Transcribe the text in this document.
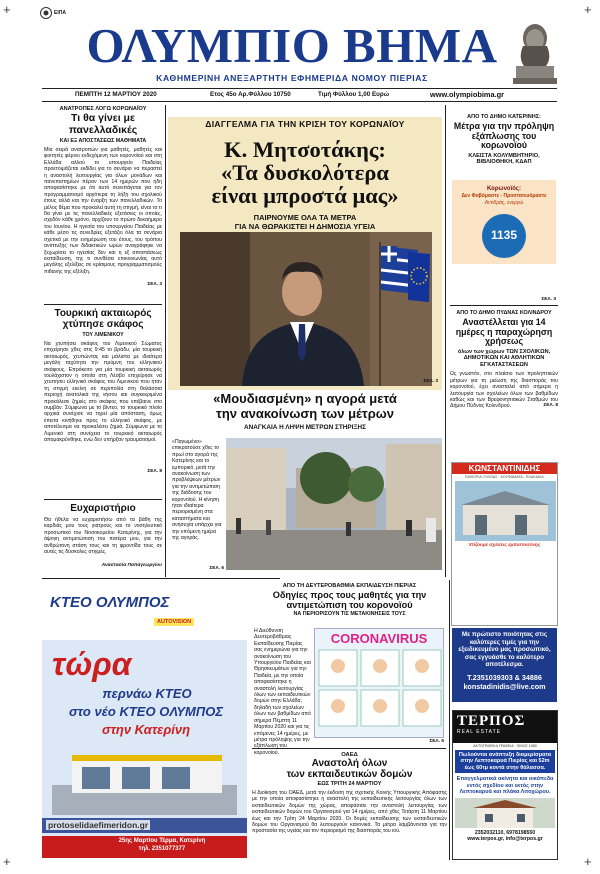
+	+
+	+
ΕΙΠΑ
ΟΛΥΜΠΙΟ ΒΗΜΑ
ΚΑΘΗΜΕΡΙΝΗ ΑΝΕΞΑΡΤΗΤΗ ΕΦΗΜΕΡΙΔΑ ΝΟΜΟΥ ΠΙΕΡΙΑΣ
ΠΕΜΠΤΗ 12 ΜΑΡΤΙΟΥ 2020	Ετος 45ο Αρ.Φύλλου 10750	Τιμή Φύλλου 1,00 Ευρώ	www.olympiobima.gr
ΑΝΑΤΡΟΠΕΣ ΛΟΓΩ ΚΟΡΩΝΑΪΟΥ
Τι θα γίνει με πανελλαδικές
ΚΑΙ ΕΞ ΑΠΟΣΤΑΣΕΩΣ ΜΑΘΗΜΑΤΑ
Μία σειρά ανατροπών για μαθητές, μαθητές και φοιτητές φέρνει ενδεχόμενη των κορονοϊού και στη Ελλάδα αλλού το υπουργείο Παιδείας προετοιμάζεται εκδίδει για το σενάριο να περαστεί η αναστολή λειτουργίας για όλων μονάδων και πανεπιστημίων πέραν των 14 ημερών που ήδη αποφασίστηκε με ότι αυτό συνεπάγεται για τον προγραμματισμό αργότερα τη λήξη του σχολικού έτους αλλά και την έναρξη των πανελλαδικών. Το μέλος θέμα που προκαλεί αυτή τη στιγμή, είναι το τι θα γίνει με τις πανελλαδικές εξετάσεις οι οποίες, σχεδόν κάθε χρόνο, αρχίζουν το πρώτο δεκαήμερο του Ιουνίου. Η ηγεσία του υπουργείου Παιδείας με κάθε μέσο τις συνεδρίες εξετάζει όλα τα σενάρια σχετικά με την ενημέρωση του έτους, του τρόπου ανιπτυξης των διδακτικών ωρών αναγράφηκε να ξεχωρίσει το ηγεσίας δεν και η εξ αποστάσεως εκπαίδευση, της τι συνθέσει επικοινωνίας αυτό μεγάλης εξελίξεις σε κρίσιμους προγραμματισμούς πιθανής της εξέλιξη.
ΣΕΛ. 3
Τουρκική ακταιωρός χτύπησε σκάφος
ΤΟΥ ΛΙΜΕΝΙΚΟΥ
Να χτυπήσει σκάφος του Λιμενικού Σώματος επιχείρησε χθες στις 9:45 το βράδυ, μία τουρκική ακταιωρός, χτυπώντας και μάλιστα με ιδιαίτερα μεγάλη ταχύτητα την πρύμνη του ελληνικού σκάφους. Επρόκειτο για μία τουρκική ακταιωρός τουλάχιστον η οποία στη Λέσβο επιχείρησε να χτυπήσει ελληνικό σκάφος του Λιμενικού που ήταν τη στιγμή εκείνη σε περιπολία στη θαλάσσια περιοχή ανατολικά της νήσου και συγκεκριμένα προκάλεσε ζημιές στο σκάφος που επέβαινε στο συμβάν. Σύμφωνα με το βίντεο, το τουρκικό πλοίο αρχικά συνέχισε να τηρεί μία απόσταση, όμως έπειτα κινήθηκε προς το ελληνικό σκάφος, με αποτέλεσμα να προκαλέσει ζημιά. Σύμφωνα με το Λιμενικό στη συνέχεια το τουρκικό ακταιωρός απομακρύνθηκε, ενώ δεν υπήρξαν τραυματισμοί.
ΣΕΛ. 8
Ευχαριστήριο
Θα ήθελα να ευχαριστήσω από τα βάθη της καρδιάς μου τους γιατρούς και το νοσηλευτικό προσωπικό του Νοσοκομείου Κατερίνης, για την άψογη αντιμετώπιση του πατέρα μου, για την ανθρώπινη στάση τους και τη φροντίδα τους σε αυτές τις δύσκολες στιγμές.
Αναστασία Παπαγεωργίου
ΔΙΑΓΓΕΛΜΑ ΓΙΑ ΤΗΝ ΚΡΙΣΗ ΤΟΥ ΚΟΡΩΝΑΪΟΥ
Κ. Μητσοτάκης:
«Τα δυσκολότερα
είναι μπροστά μας»
ΠΑΙΡΝΟΥΜΕ ΟΛΑ ΤΑ ΜΕΤΡΑ
ΓΙΑ ΝΑ ΘΩΡΑΚΙΣΤΕΙ Η ΔΗΜΟΣΙΑ ΥΓΕΙΑ
ΣΕΛ. 3
«Μουδιασμένη» η αγορά μετά
την ανακοίνωση των μέτρων
ΑΝΑΓΚΑΙΑ Η ΛΗΨΗ ΜΕΤΡΩΝ ΣΤΗΡΙΞΗΣ
«Παγωμένο» επικρατούσε χθες το πρωί στο αγορά της Κατερίνης και το εμπορικό, μετά την ανακοίνωση των προβλέψεων μέτρων για την αντιμετώπιση της διάδοσης του κορονοϊού. Η κίνηση ήταν ιδιαίτερα περιορισμένη στα καταστήματα και ανησυχία υπάρχει για την επόμενη ημέρα της αγοράς.
ΣΕΛ. 6
ΑΠΟ ΤΟ ΔΗΜΟ ΚΑΤΕΡΙΝΗΣ:
Μέτρα για την πρόληψη εξάπλωσης του κορωνοϊού
ΚΛΕΙΣΤΑ ΚΟΛΥΜΒΗΤΗΡΙΟ, ΒΙΒΛΙΟΘΗΚΗ, ΚΔΑΠ
Κορωνοϊός:
Δεν Φοβόμαστε - Προστατευόμαστε
Αντιδράς, ενεργώ
1135
ΣΕΛ. 3
ΑΠΟ ΤΟ ΔΗΜΟ ΠΥΔΝΑΣ ΚΟΛΙΝΔΡΟΥ
Αναστέλλεται για 14 ημέρες η παραχώρηση χρήσεως
όλων των χώρων ΤΩΝ ΣΧΟΛΙΚΩΝ, ΔΗΜΟΤΙΚΩΝ ΚΑΙ ΑΘΛΗΤΙΚΩΝ ΕΓΚΑΤΑΣΤΑΣΕΩΝ
Ως γνωστόν, στο πλαίσιο των προληπτικών μέτρων για τη μείωση της διασποράς του κορονοϊού, έχει ανασταλεί από σήμερα η λειτουργία των σχολείων όλων των βαθμίδων καθώς και των Βρεφονηπιακών Σταθμών του Δήμου Πύδνας Κολινδρού.	ΣΕΛ. 8
ΚΩΝΣΤΑΝΤΙΝΙΔΗΣ
ΕΜΠΟΡΙΑ ΞΥΛΕΙΑΣ - ΚΟΥΦΩΜΑΤΑ - ΠΛΑΚΑΚΙΑ
Χτίζουμε σχέσεις εμπιστοσύνης
Με πρώτιστο ποιότητας στις καλύτερες τιμές για την εξειδικευμένο μας προσωπικό, σας εγγυάσθε το καλύτερο αποτέλεσμα.
T.2351039303 & 34886
konstadinidis@live.com
ΤΕΡΠΟΣ
REAL ESTATE
ΑΚΤΟΓΡΑΦΙΚΑ ΓΡΑΦΕΙΑ · SINCE 1980
Πωλούνται ανάπτυξη διαμερίσματα στην Λεπτοκαρυά Πιερίας και 52m έως 60τμ κοντά στην θάλασσα.
Επαγγελματικά ακίνητα και οικόπεδα εντός σχεδίου και εκτός στην Λεπτοκαρυά και πλάκα Λιτοχώρου.
2352032110, 6978198550
www.terpos.gr, info@terpos.gr
ΚΤΕΟ ΟΛΥΜΠΟΣ
AUTOVISION
τώρα
περνάω ΚΤΕΟ
στο νέο ΚΤΕΟ ΟΛΥΜΠΟΣ
στην Κατερίνη
protoselidaefimeridon.gr
25ης Μαρτίου Τέρμα, Κατερίνη
τηλ. 2351077377
ΑΠΟ ΤΗ ΔΕΥΤΕΡΟΒΑΘΜΙΑ ΕΚΠΑΙΔΕΥΣΗ ΠΙΕΡΙΑΣ
Οδηγίες προς τους μαθητές για την
αντιμετώπιση του κορονοϊού
ΝΑ ΠΕΡΙΟΡΙΣΟΥΝ ΤΙΣ ΜΕΤΑΚΙΝΗΣΕΙΣ ΤΟΥΣ
Η Διεύθυνση Δευτεροβάθμιας Εκπαίδευσης Πιερίας σας ενημερώνει για την ανακοίνωση του Υπουργείου Παιδείας και Θρησκευμάτων για την Παιδεία, με την οποία αποφασίστηκε η αναστολή λειτουργίας όλων των εκπαιδευτικών δομών στην Ελλάδα, δηλαδή των σχολείων όλων των βαθμίδων από σήμερα Πέμπτη 11 Μαρτίου 2020 και για τις επόμενες 14 ημέρες, με μέτρα πρόληψης για την εξάπλωση του κορονοϊού.
CORONAVIRUS
ΣΕΛ. 6
ΟΑΕΔ
Αναστολή όλων
των εκπαιδευτικών δομών
ΕΩΣ ΤΡΙΤΗ 24 ΜΑΡΤΙΟΥ
Η Διοίκηση του ΟΑΕΔ, μετά την έκδοση της σχετικής Κοινής Υπουργικής Απόφασης με την οποία αποφασίστηκε η αναστολή της εκπαιδευτικής λειτουργίας όλων των εκπαιδευτικών δομών της χώρας, αποφάσισε την αναστολή λειτουργίας των εκπαιδευτικών δομών του Οργανισμού για 14 ημέρες, από χθες Τετάρτη 11 Μαρτίου έως και την Τρίτη 24 Μαρτίου 2020. Οι δομές εκπαίδευσης των εκπαιδευτικών δομών του Οργανισμού θα λειτουργούν κανονικά. Τα μέτρα λαμβάνονται για την προστασία της υγείας και τον περιορισμό της διασποράς του ιού.
